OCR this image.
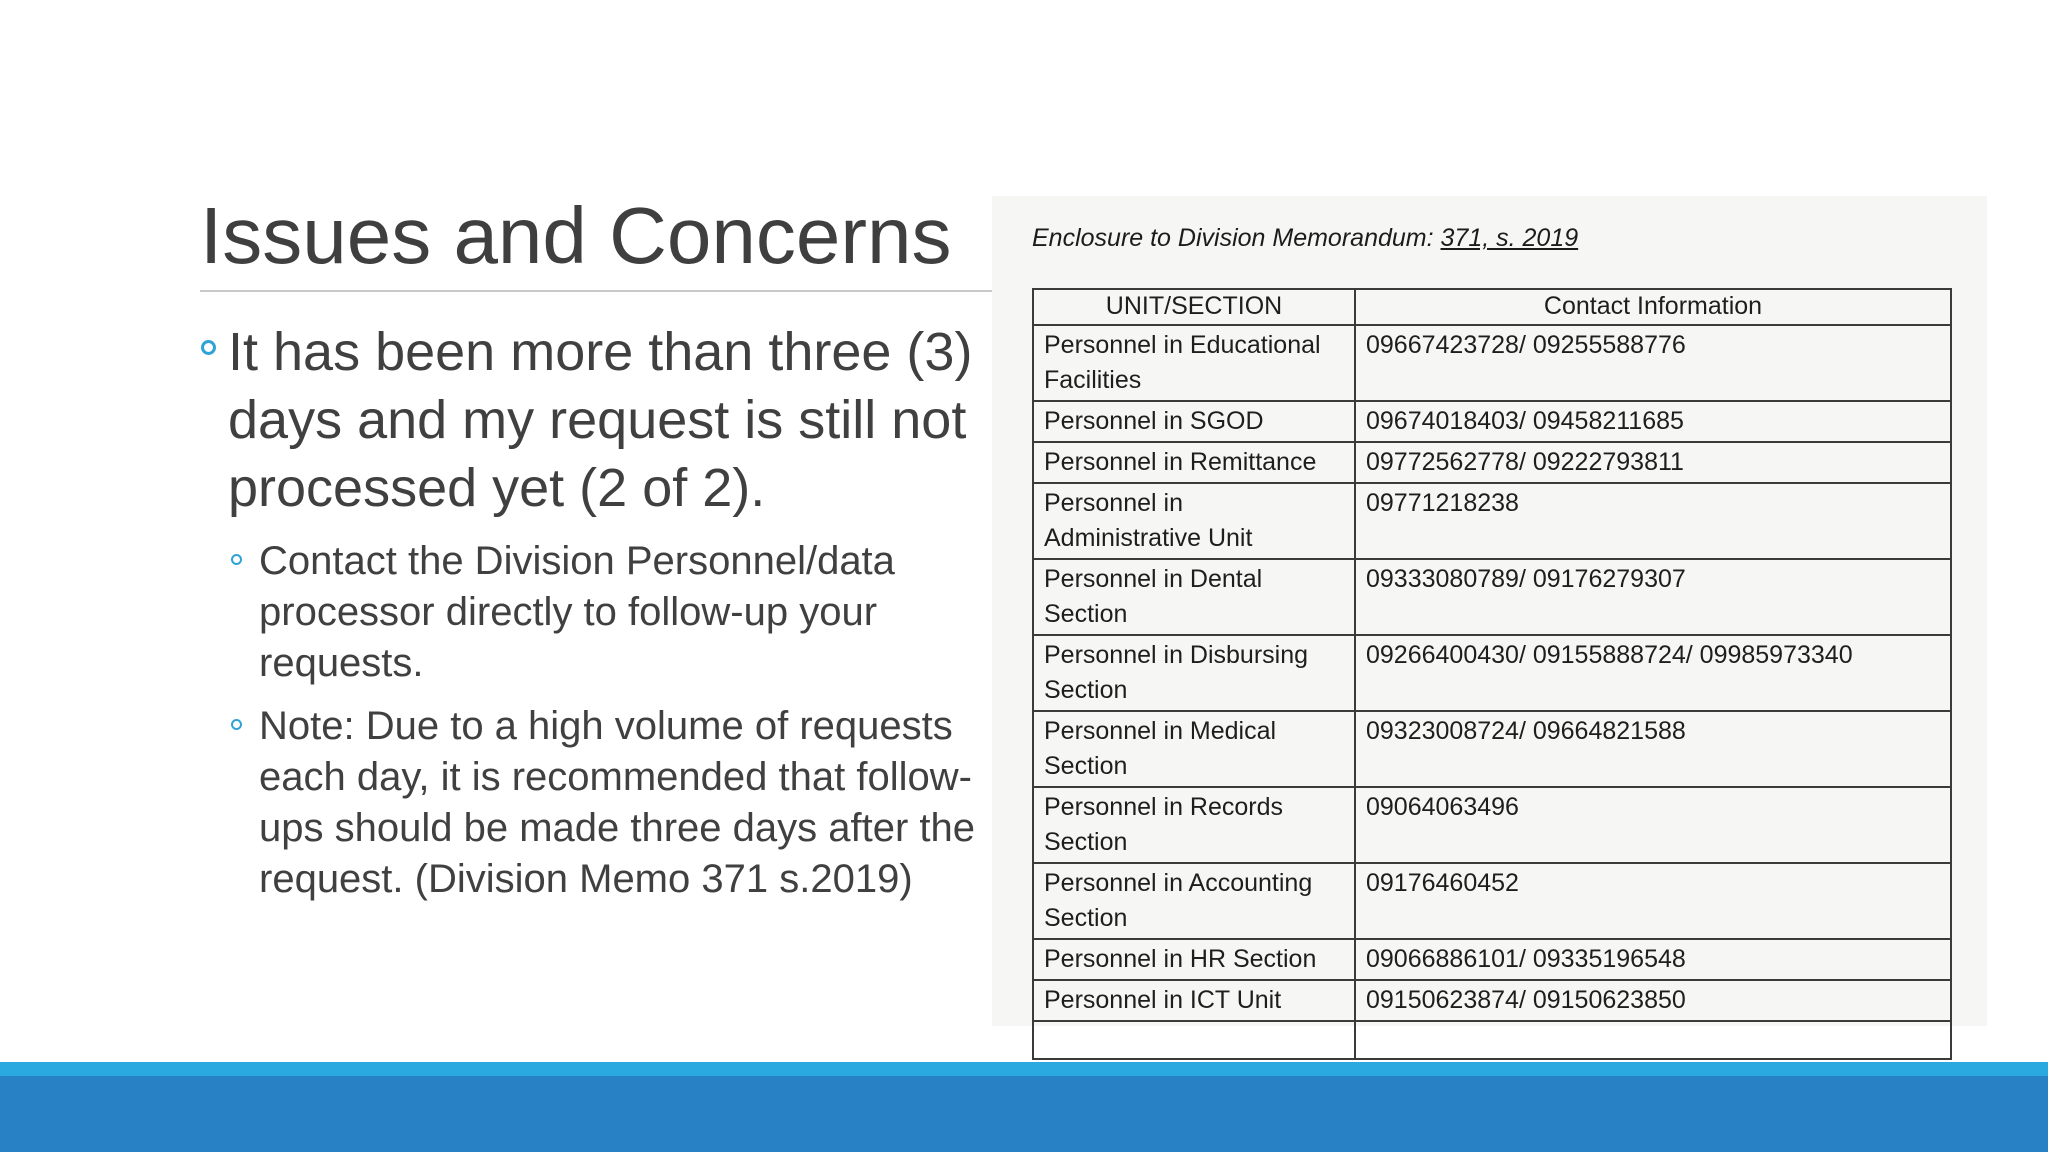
Issues and Concerns
It has been more than three (3) days and my request is still not processed yet (2 of 2).
Contact the Division Personnel/data processor directly to follow-up your requests.
Note: Due to a high volume of requests each day, it is recommended that follow-ups should be made three days after the request. (Division Memo 371 s.2019)
Enclosure to Division Memorandum: 371, s. 2019
UNIT/SECTION	Contact Information
Personnel in Educational Facilities	09667423728/ 09255588776
Personnel in SGOD	09674018403/ 09458211685
Personnel in Remittance	09772562778/ 09222793811
Personnel in Administrative Unit	09771218238
Personnel in Dental Section	09333080789/ 09176279307
Personnel in Disbursing Section	09266400430/ 09155888724/ 09985973340
Personnel in Medical Section	09323008724/ 09664821588
Personnel in Records Section	09064063496
Personnel in Accounting Section	09176460452
Personnel in HR Section	09066886101/ 09335196548
Personnel in ICT Unit	09150623874/ 09150623850
